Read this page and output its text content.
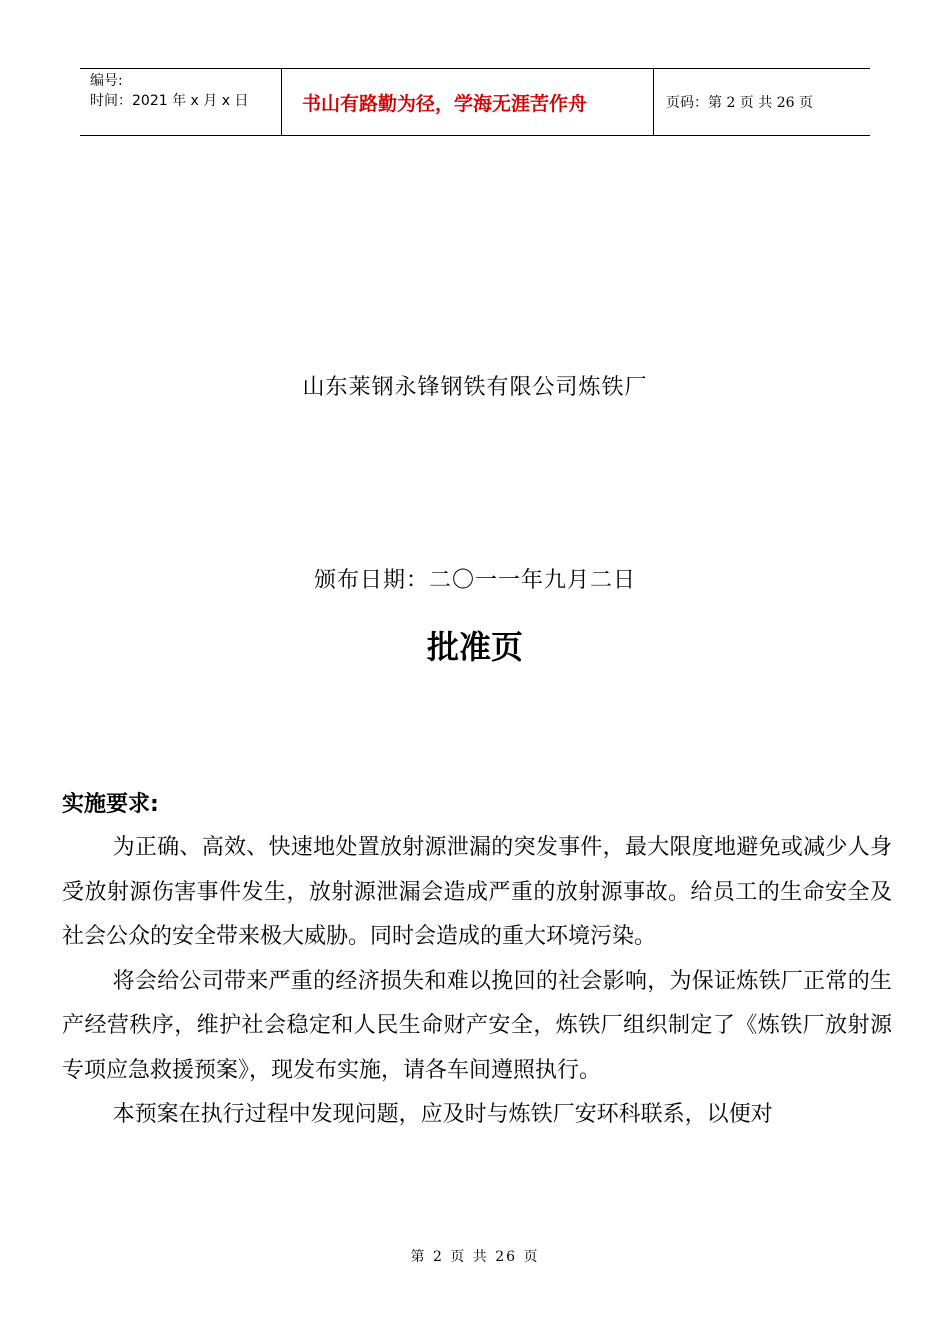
编号:
时间：2021 年 x 月 x 日	书山有路勤为径，学海无涯苦作舟	页码：第 2 页 共 26 页
山东莱钢永锋钢铁有限公司炼铁厂
颁布日期：二〇一一年九月二日
批准页
实施要求:

为正确、高效、快速地处置放射源泄漏的突发事件，最大限度地避免或减少人身受放射源伤害事件发生，放射源泄漏会造成严重的放射源事故。给员工的生命安全及社会公众的安全带来极大威胁。同时会造成的重大环境污染。

将会给公司带来严重的经济损失和难以挽回的社会影响，为保证炼铁厂正常的生产经营秩序，维护社会稳定和人民生命财产安全，炼铁厂组织制定了《炼铁厂放射源专项应急救援预案》，现发布实施，请各车间遵照执行。

本预案在执行过程中发现问题，应及时与炼铁厂安环科联系，以便对

第 2 页 共 26 页
